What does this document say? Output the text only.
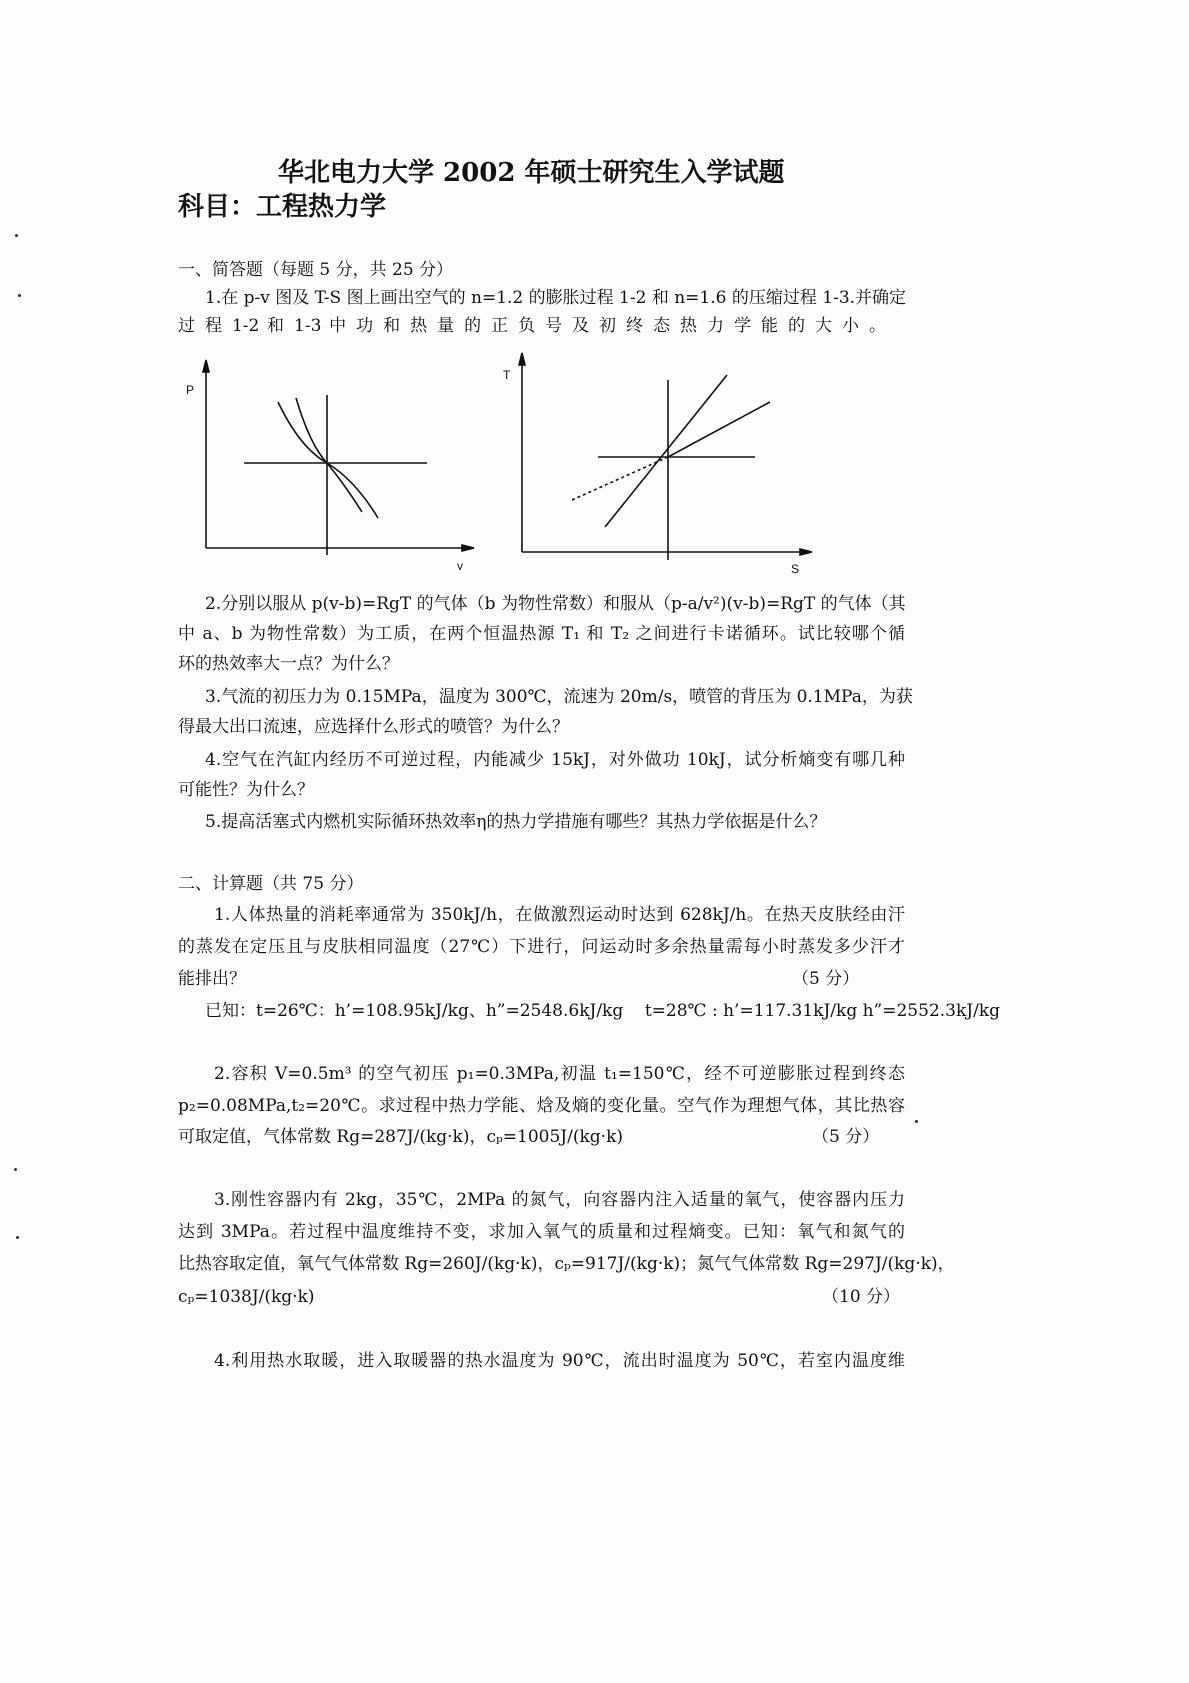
华北电力大学 2002 年硕士研究生入学试题
科目：工程热力学
一、简答题（每题 5 分，共 25 分）
1.在 p-v 图及 T-S 图上画出空气的 n=1.2 的膨胀过程 1-2 和 n=1.6 的压缩过程 1-3.并确定
过 程 1-2 和 1-3 中 功 和 热 量 的 正 负 号 及 初 终 态 热 力 学 能 的 大 小 。
P
v
T
S
2.分别以服从 p(v-b)=RgT 的气体（b 为物性常数）和服从（p-a/v²)(v-b)=RgT 的气体（其
中 a、b 为物性常数）为工质，在两个恒温热源 T₁ 和 T₂ 之间进行卡诺循环。试比较哪个循
环的热效率大一点？为什么？
3.气流的初压力为 0.15MPa，温度为 300℃，流速为 20m/s，喷管的背压为 0.1MPa，为获
得最大出口流速，应选择什么形式的喷管？为什么？
4.空气在汽缸内经历不可逆过程，内能减少 15kJ，对外做功 10kJ，试分析熵变有哪几种
可能性？为什么？
5.提高活塞式内燃机实际循环热效率η的热力学措施有哪些？其热力学依据是什么？
二、计算题（共 75 分）
1.人体热量的消耗率通常为 350kJ/h，在做激烈运动时达到 628kJ/h。在热天皮肤经由汗
的蒸发在定压且与皮肤相同温度（27℃）下进行，问运动时多余热量需每小时蒸发多少汗才
能排出？	（5 分）
已知：t=26℃：h’=108.95kJ/kg、h”=2548.6kJ/kg    t=28℃ : h’=117.31kJ/kg h”=2552.3kJ/kg
2.容积 V=0.5m³ 的空气初压 p₁=0.3MPa,初温 t₁=150℃，经不可逆膨胀过程到终态
p₂=0.08MPa,t₂=20℃。求过程中热力学能、焓及熵的变化量。空气作为理想气体，其比热容
可取定值，气体常数 Rg=287J/(kg·k)，cₚ=1005J/(kg·k)	（5 分）
3.刚性容器内有 2kg，35℃，2MPa 的氮气，向容器内注入适量的氧气，使容器内压力
达到 3MPa。若过程中温度维持不变，求加入氧气的质量和过程熵变。已知：氧气和氮气的
比热容取定值，氧气气体常数 Rg=260J/(kg·k)，cₚ=917J/(kg·k)；氮气气体常数 Rg=297J/(kg·k)，
cₚ=1038J/(kg·k)	（10 分）
4.利用热水取暖，进入取暖器的热水温度为 90℃，流出时温度为 50℃，若室内温度维
